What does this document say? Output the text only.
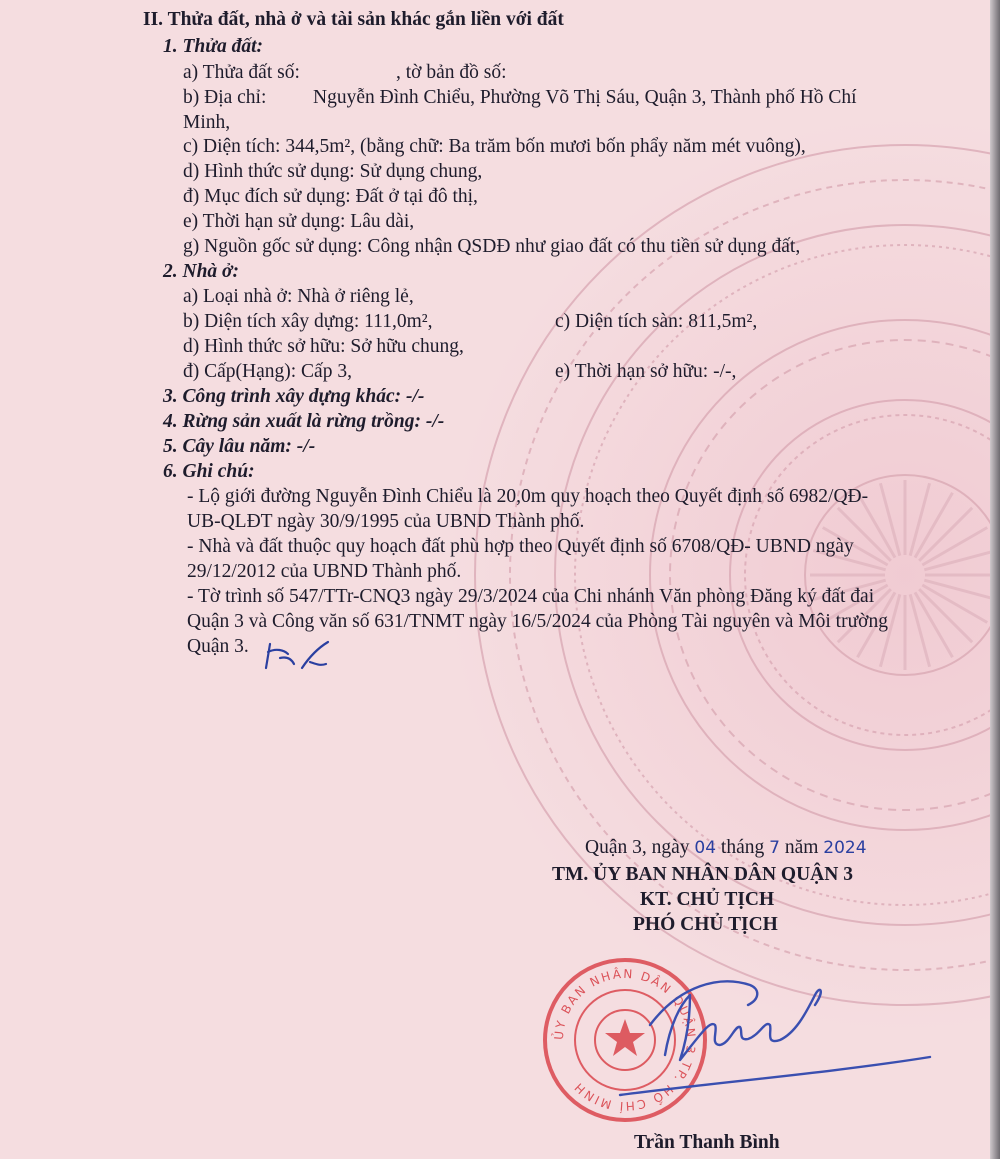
II. Thửa đất, nhà ở và tài sản khác gắn liền với đất
1. Thửa đất:
a) Thửa đất số:	, tờ bản đồ số:
b) Địa chỉ: Nguyễn Đình Chiểu, Phường Võ Thị Sáu, Quận 3, Thành phố Hồ Chí
Minh,
c) Diện tích: 344,5m², (bằng chữ: Ba trăm bốn mươi bốn phẩy năm mét vuông),
d) Hình thức sử dụng: Sử dụng chung,
đ) Mục đích sử dụng: Đất ở tại đô thị,
e) Thời hạn sử dụng: Lâu dài,
g) Nguồn gốc sử dụng: Công nhận QSDĐ như giao đất có thu tiền sử dụng đất,
2. Nhà ở:
a) Loại nhà ở: Nhà ở riêng lẻ,
b) Diện tích xây dựng: 111,0m²,	c) Diện tích sàn: 811,5m²,
d) Hình thức sở hữu: Sở hữu chung,
đ) Cấp(Hạng): Cấp 3,	e) Thời hạn sở hữu: -/-,
3. Công trình xây dựng khác: -/-
4. Rừng sản xuất là rừng trồng: -/-
5. Cây lâu năm: -/-
6. Ghi chú:
- Lộ giới đường Nguyễn Đình Chiểu là 20,0m quy hoạch theo Quyết định số 6982/QĐ-
UB-QLĐT ngày 30/9/1995 của UBND Thành phố.
- Nhà và đất thuộc quy hoạch đất phù hợp theo Quyết định số 6708/QĐ- UBND ngày
29/12/2012 của UBND Thành phố.
- Tờ trình số 547/TTr-CNQ3 ngày 29/3/2024 của Chi nhánh Văn phòng Đăng ký đất đai
Quận 3 và Công văn số 631/TNMT ngày 16/5/2024 của Phòng Tài nguyên và Môi trường
Quận 3.
Quận 3, ngày 04 tháng 7 năm 2024
TM. ỦY BAN NHÂN DÂN QUẬN 3
KT. CHỦ TỊCH
PHÓ CHỦ TỊCH
ỦY BAN NHÂN DÂN QUẬN 3 TP. HỒ CHÍ MINH
Trần Thanh Bình
